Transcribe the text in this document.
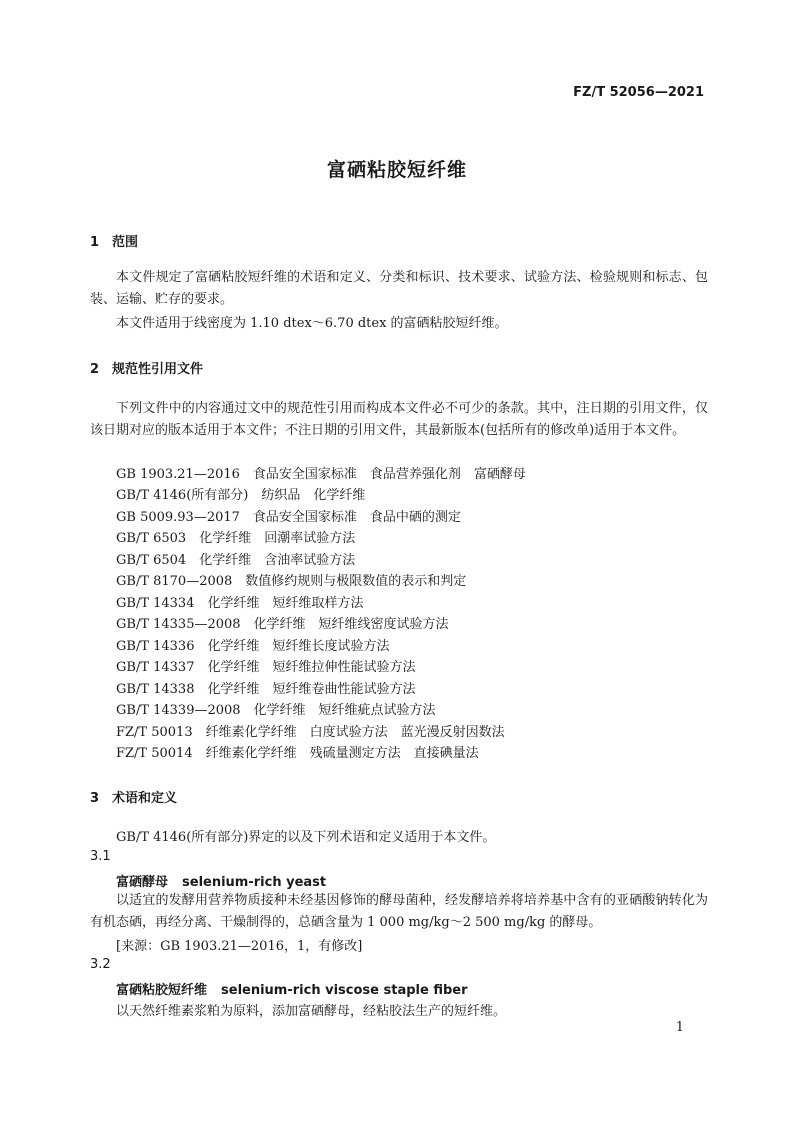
FZ/T 52056—2021
富硒粘胶短纤维
1 范围
本文件规定了富硒粘胶短纤维的术语和定义、分类和标识、技术要求、试验方法、检验规则和标志、包装、运输、贮存的要求。
本文件适用于线密度为 1.10 dtex～6.70 dtex 的富硒粘胶短纤维。
2 规范性引用文件
下列文件中的内容通过文中的规范性引用而构成本文件必不可少的条款。其中，注日期的引用文件，仅该日期对应的版本适用于本文件；不注日期的引用文件，其最新版本(包括所有的修改单)适用于本文件。
GB 1903.21—2016　食品安全国家标准　食品营养强化剂　富硒酵母
GB/T 4146(所有部分)　纺织品　化学纤维
GB 5009.93—2017　食品安全国家标准　食品中硒的测定
GB/T 6503　化学纤维　回潮率试验方法
GB/T 6504　化学纤维　含油率试验方法
GB/T 8170—2008　数值修约规则与极限数值的表示和判定
GB/T 14334　化学纤维　短纤维取样方法
GB/T 14335—2008　化学纤维　短纤维线密度试验方法
GB/T 14336　化学纤维　短纤维长度试验方法
GB/T 14337　化学纤维　短纤维拉伸性能试验方法
GB/T 14338　化学纤维　短纤维卷曲性能试验方法
GB/T 14339—2008　化学纤维　短纤维疵点试验方法
FZ/T 50013　纤维素化学纤维　白度试验方法　蓝光漫反射因数法
FZ/T 50014　纤维素化学纤维　残硫量测定方法　直接碘量法
3 术语和定义
GB/T 4146(所有部分)界定的以及下列术语和定义适用于本文件。
3.1
富硒酵母 selenium-rich yeast
以适宜的发酵用营养物质接种未经基因修饰的酵母菌种，经发酵培养将培养基中含有的亚硒酸钠转化为有机态硒，再经分离、干燥制得的，总硒含量为 1 000 mg/kg～2 500 mg/kg 的酵母。
[来源：GB 1903.21—2016，1，有修改]
3.2
富硒粘胶短纤维 selenium-rich viscose staple fiber
以天然纤维素浆粕为原料，添加富硒酵母，经粘胶法生产的短纤维。
1
